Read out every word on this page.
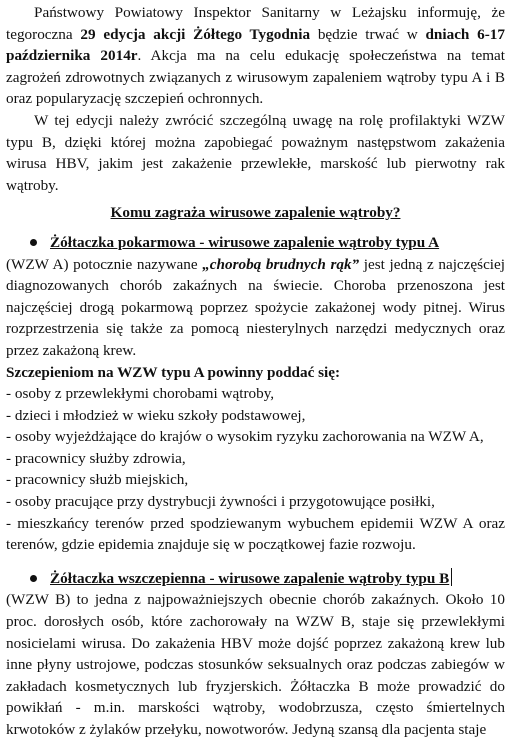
Państwowy Powiatowy Inspektor Sanitarny w Leżajsku informuję, że tegoroczna 29 edycja akcji Żółtego Tygodnia będzie trwać w dniach 6-17 października 2014r. Akcja ma na celu edukację społeczeństwa na temat zagrożeń zdrowotnych związanych z wirusowym zapaleniem wątroby typu A i B oraz popularyzację szczepień ochronnych.

W tej edycji należy zwrócić szczególną uwagę na rolę profilaktyki WZW typu B, dzięki której można zapobiegać poważnym następstwom zakażenia wirusa HBV, jakim jest zakażenie przewlekłe, marskość lub pierwotny rak wątroby.

Komu zagraża wirusowe zapalenie wątroby?

Żółtaczka pokarmowa - wirusowe zapalenie wątroby typu A

(WZW A) potocznie nazywane „chorobą brudnych rąk” jest jedną z najczęściej diagnozowanych chorób zakaźnych na świecie. Choroba przenoszona jest najczęściej drogą pokarmową poprzez spożycie zakażonej wody pitnej. Wirus rozprzestrzenia się także za pomocą niesterylnych narzędzi medycznych oraz przez zakażoną krew.

Szczepieniom na WZW typu A powinny poddać się:

- osoby z przewlekłymi chorobami wątroby,

- dzieci i młodzież w wieku szkoły podstawowej,

- osoby wyjeżdżające do krajów o wysokim ryzyku zachorowania na WZW A,

- pracownicy służby zdrowia,

- pracownicy służb miejskich,

- osoby pracujące przy dystrybucji żywności i przygotowujące posiłki,

- mieszkańcy terenów przed spodziewanym wybuchem epidemii WZW A oraz terenów, gdzie epidemia znajduje się w początkowej fazie rozwoju.

Żółtaczka wszczepienna - wirusowe zapalenie wątroby typu B

(WZW B) to jedna z najpoważniejszych obecnie chorób zakaźnych. Około 10 proc. dorosłych osób, które zachorowały na WZW B, staje się przewlekłymi nosicielami wirusa. Do zakażenia HBV może dojść poprzez zakażoną krew lub inne płyny ustrojowe, podczas stosunków seksualnych oraz podczas zabiegów w zakładach kosmetycznych lub fryzjerskich. Żółtaczka B może prowadzić do powikłań - m.in. marskości wątroby, wodobrzusza, często śmiertelnych krwotoków z żylaków przełyku, nowotworów. Jedyną szansą dla pacjenta staje
